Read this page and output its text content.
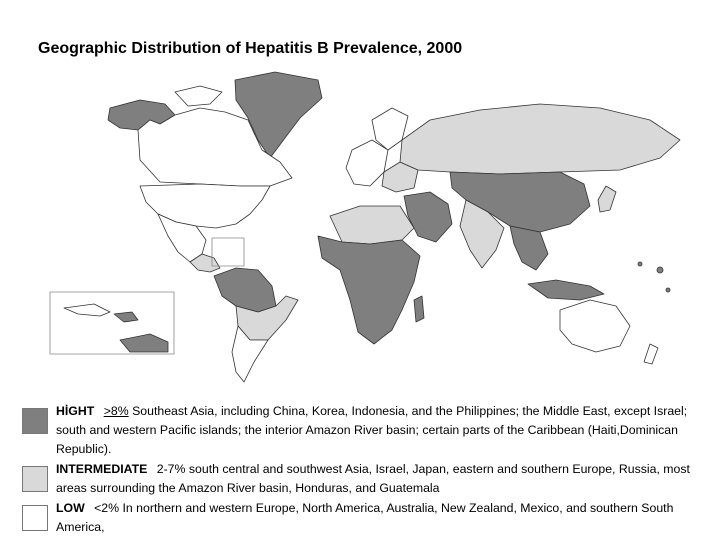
Geographic Distribution of Hepatitis B Prevalence, 2000
HİGHT >8% Southeast Asia, including China, Korea, Indonesia, and the Philippines; the Middle East, except Israel; south and western Pacific islands; the interior Amazon River basin; certain parts of the Caribbean (Haiti,Dominican Republic).
INTERMEDIATE 2-7% south central and southwest Asia, Israel, Japan, eastern and southern Europe, Russia, most areas surrounding the Amazon River basin, Honduras, and Guatemala
LOW <2% In northern and western Europe, North America, Australia, New Zealand, Mexico, and southern South America,
